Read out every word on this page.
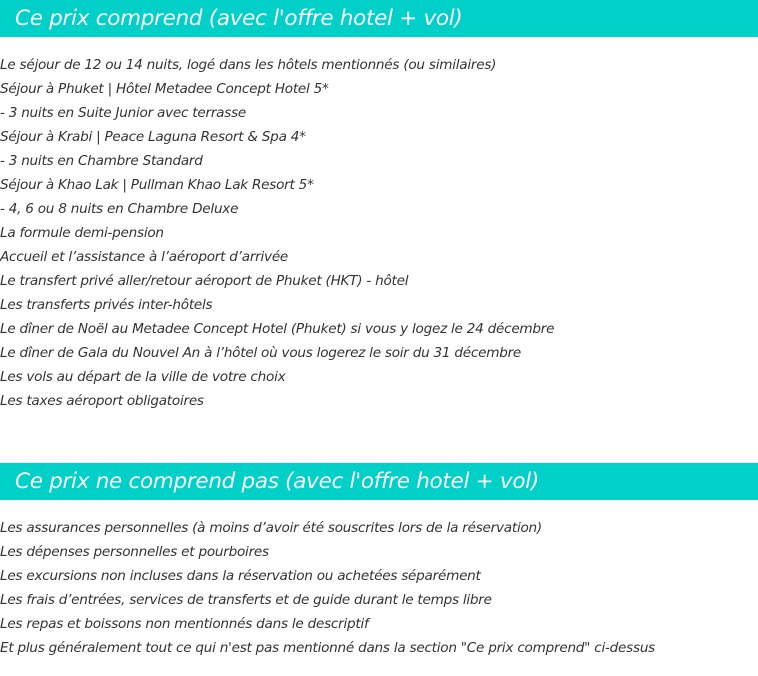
Ce prix comprend (avec l'offre hotel + vol)
Le séjour de 12 ou 14 nuits, logé dans les hôtels mentionnés (ou similaires)
Séjour à Phuket | Hôtel Metadee Concept Hotel 5*
- 3 nuits en Suite Junior avec terrasse
Séjour à Krabi | Peace Laguna Resort & Spa 4*
- 3 nuits en Chambre Standard
Séjour à Khao Lak | Pullman Khao Lak Resort 5*
- 4, 6 ou 8 nuits en Chambre Deluxe
La formule demi-pension
Accueil et l’assistance à l’aéroport d’arrivée
Le transfert privé aller/retour aéroport de Phuket (HKT) - hôtel
Les transferts privés inter-hôtels
Le dîner de Noël au Metadee Concept Hotel (Phuket) si vous y logez le 24 décembre
Le dîner de Gala du Nouvel An à l’hôtel où vous logerez le soir du 31 décembre
Les vols au départ de la ville de votre choix
Les taxes aéroport obligatoires
Ce prix ne comprend pas (avec l'offre hotel + vol)
Les assurances personnelles (à moins d’avoir été souscrites lors de la réservation)
Les dépenses personnelles et pourboires
Les excursions non incluses dans la réservation ou achetées séparément
Les frais d’entrées, services de transferts et de guide durant le temps libre
Les repas et boissons non mentionnés dans le descriptif
Et plus généralement tout ce qui n'est pas mentionné dans la section "Ce prix comprend" ci-dessus
